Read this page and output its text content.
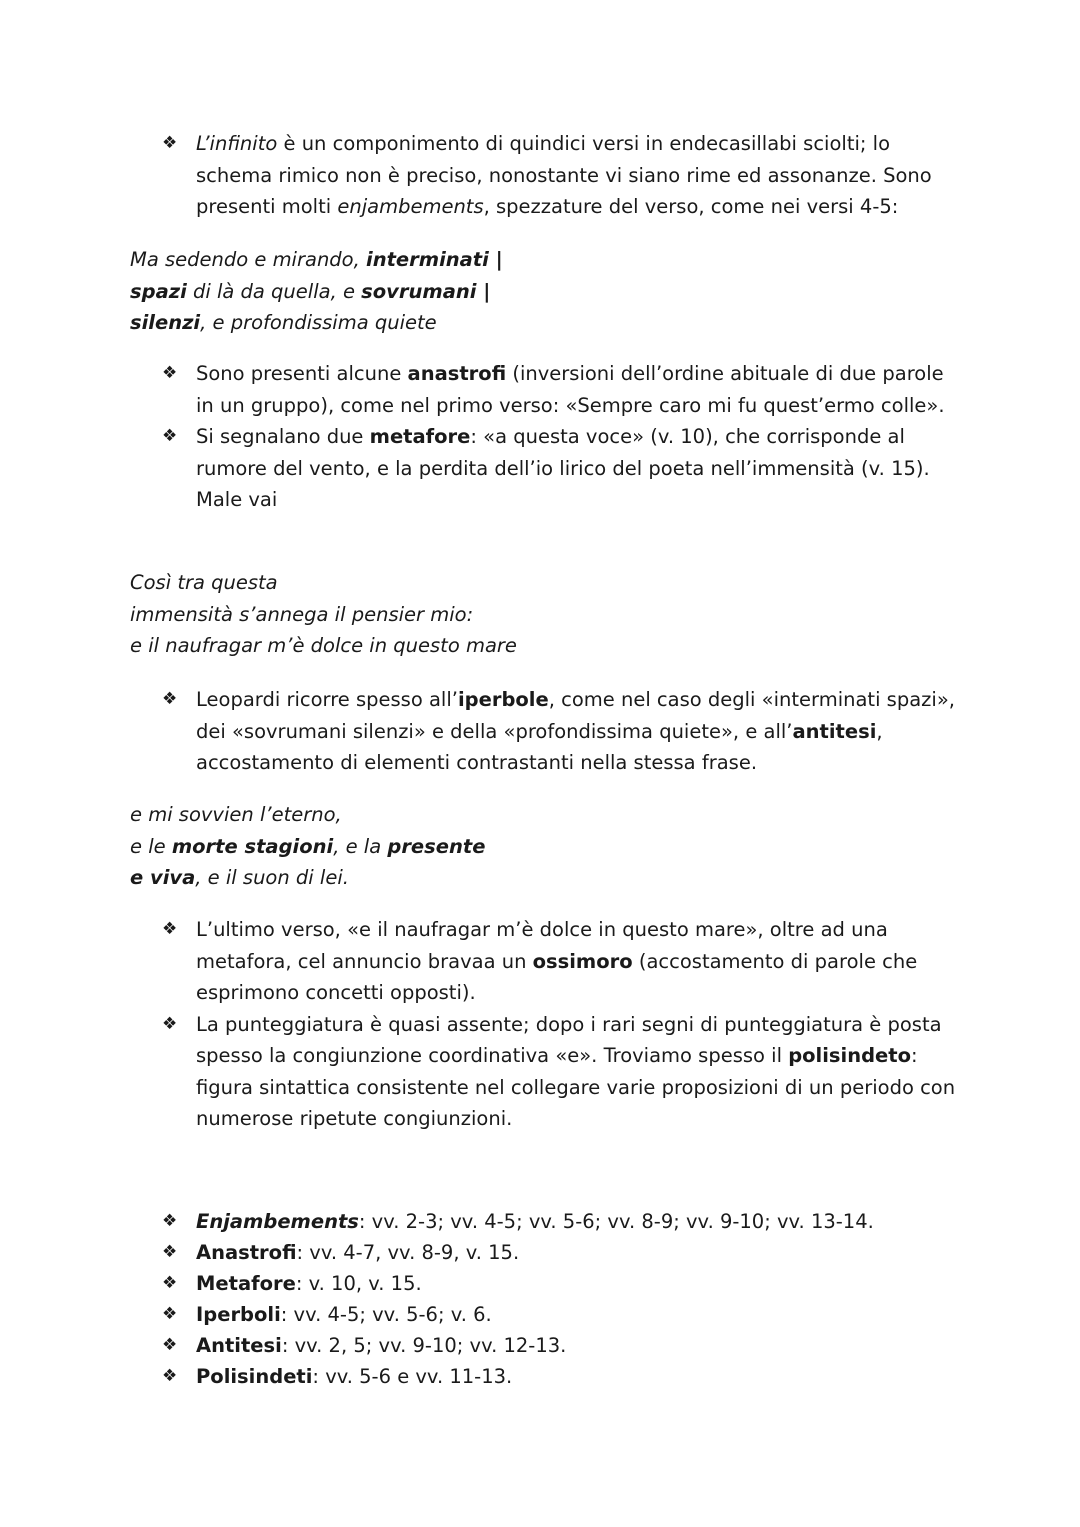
❖ L’infinito è un componimento di quindici versi in endecasillabi sciolti; lo schema rimico non è preciso, nonostante vi siano rime ed assonanze. Sono presenti molti enjambements, spezzature del verso, come nei versi 4-5:
Ma sedendo e mirando, interminati |
spazi di là da quella, e sovrumani |
silenzi, e profondissima quiete
❖ Sono presenti alcune anastrofi (inversioni dell’ordine abituale di due parole in un gruppo), come nel primo verso: «Sempre caro mi fu quest’ermo colle».
❖ Si segnalano due metafore: «a questa voce» (v. 10), che corrisponde al rumore del vento, e la perdita dell’io lirico del poeta nell’immensità (v. 15). Male vai
Così tra questa
immensità s’annega il pensier mio:
e il naufragar m’è dolce in questo mare
❖ Leopardi ricorre spesso all’iperbole, come nel caso degli «interminati spazi», dei «sovrumani silenzi» e della «profondissima quiete», e all’antitesi, accostamento di elementi contrastanti nella stessa frase.
e mi sovvien l’eterno,
e le morte stagioni, e la presente
e viva, e il suon di lei.
❖ L’ultimo verso, «e il naufragar m’è dolce in questo mare», oltre ad una metafora, cel annuncio bravaa un ossimoro (accostamento di parole che esprimono concetti opposti).
❖ La punteggiatura è quasi assente; dopo i rari segni di punteggiatura è posta spesso la congiunzione coordinativa «e». Troviamo spesso il polisindeto: figura sintattica consistente nel collegare varie proposizioni di un periodo con numerose ripetute congiunzioni.
❖ Enjambements: vv. 2-3; vv. 4-5; vv. 5-6; vv. 8-9; vv. 9-10; vv. 13-14.
❖ Anastrofi: vv. 4-7, vv. 8-9, v. 15.
❖ Metafore: v. 10, v. 15.
❖ Iperboli: vv. 4-5; vv. 5-6; v. 6.
❖ Antitesi: vv. 2, 5; vv. 9-10; vv. 12-13.
❖ Polisindeti: vv. 5-6 e vv. 11-13.
